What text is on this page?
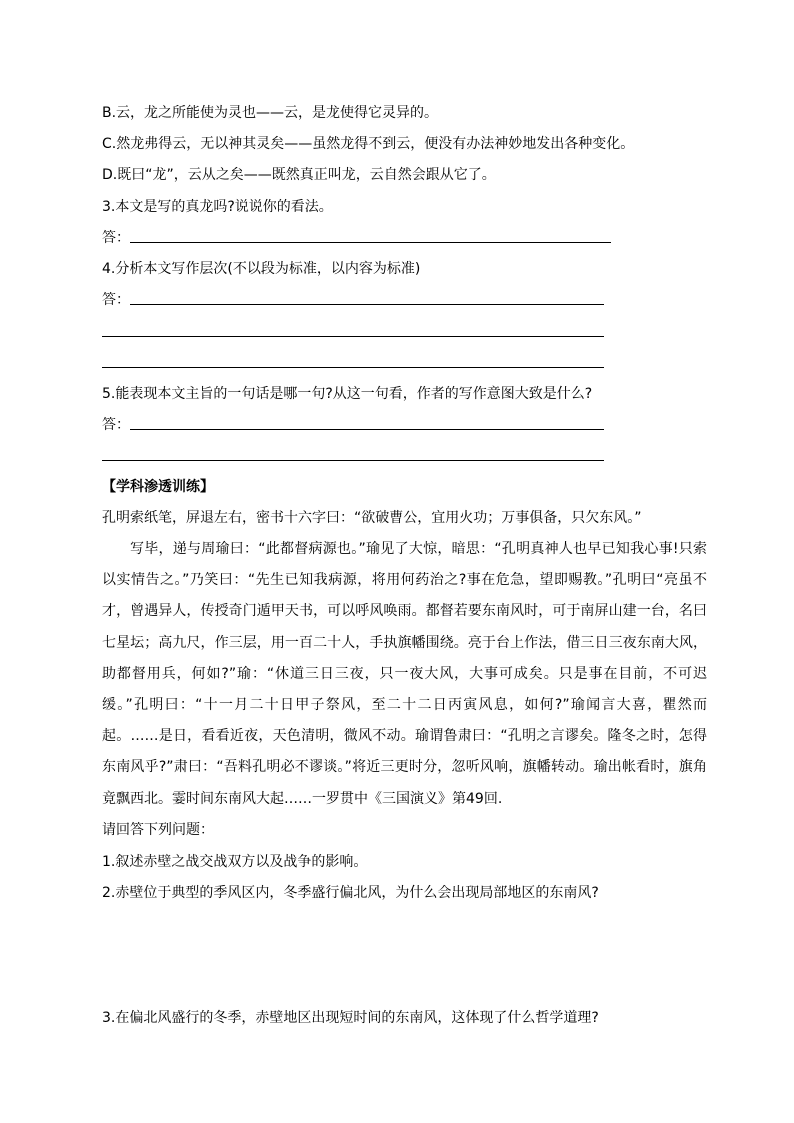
B.云，龙之所能使为灵也——云，是龙使得它灵异的。
C.然龙弗得云，无以神其灵矣——虽然龙得不到云，便没有办法神妙地发出各种变化。
D.既曰“龙”，云从之矣——既然真正叫龙，云自然会跟从它了。
3.本文是写的真龙吗?说说你的看法。
答：
4.分析本文写作层次(不以段为标准，以内容为标准)
答：
5.能表现本文主旨的一句话是哪一句?从这一句看，作者的写作意图大致是什么?
答：
【学科渗透训练】
孔明索纸笔，屏退左右，密书十六字曰：“欲破曹公，宜用火功；万事俱备，只欠东风。”
写毕，递与周瑜曰：“此都督病源也。”瑜见了大惊，暗思：“孔明真神人也早已知我心事!只索以实情告之。”乃笑曰：“先生已知我病源，将用何药治之?事在危急，望即赐教。”孔明曰“亮虽不才，曾遇异人，传授奇门遁甲天书，可以呼风唤雨。都督若要东南风时，可于南屏山建一台，名曰七星坛；高九尺，作三层，用一百二十人，手执旗幡围绕。亮于台上作法，借三日三夜东南大风，助都督用兵，何如?”瑜：“休道三日三夜，只一夜大风，大事可成矣。只是事在目前，不可迟缓。”孔明曰：“十一月二十日甲子祭风，至二十二日丙寅风息，如何?”瑜闻言大喜，瞿然而起。……是日，看看近夜，天色清明，微风不动。瑜谓鲁肃曰：“孔明之言谬矣。隆冬之时，怎得东南风乎?”肃曰：“吾料孔明必不谬谈。”将近三更时分，忽听风响，旗幡转动。瑜出帐看时，旗角竟飘西北。霎时间东南风大起……一罗贯中《三国演义》第49回.
请回答下列问题：
1.叙述赤壁之战交战双方以及战争的影响。
2.赤壁位于典型的季风区内，冬季盛行偏北风，为什么会出现局部地区的东南风?
3.在偏北风盛行的冬季，赤壁地区出现短时间的东南风，这体现了什么哲学道理?
